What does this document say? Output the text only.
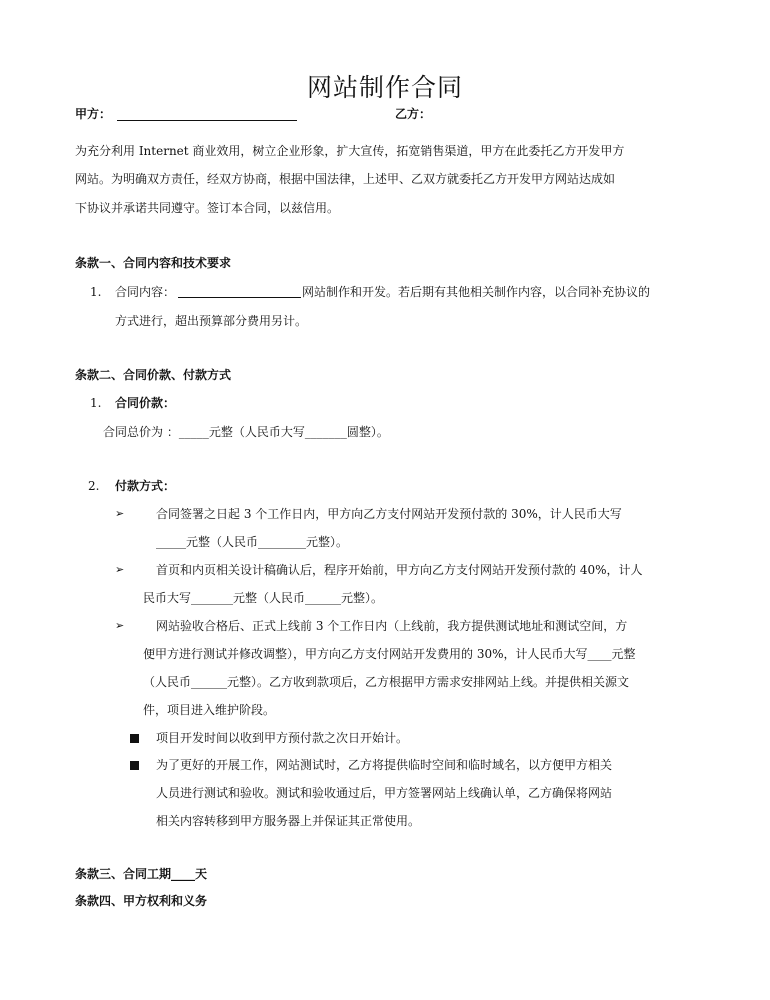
网站制作合同
甲方：	乙方：
为充分利用 Internet 商业效用，树立企业形象，扩大宣传，拓宽销售渠道，甲方在此委托乙方开发甲方
网站。为明确双方责任，经双方协商，根据中国法律，上述甲、乙双方就委托乙方开发甲方网站达成如
下协议并承诺共同遵守。签订本合同，以兹信用。
条款一、合同内容和技术要求
1. 合同内容：	网站制作和开发。若后期有其他相关制作内容，以合同补充协议的
方式进行，超出预算部分费用另计。
条款二、合同价款、付款方式
1. 合同价款：
合同总价为 ：_____元整（人民币大写_______圆整）。
2. 付款方式：
➢	合同签署之日起 3 个工作日内，甲方向乙方支付网站开发预付款的 30%，计人民币大写
_____元整（人民币________元整）。
➢	首页和内页相关设计稿确认后，程序开始前，甲方向乙方支付网站开发预付款的 40%，计人
民币大写_______元整（人民币______元整）。
➢	网站验收合格后、正式上线前 3 个工作日内（上线前，我方提供测试地址和测试空间，方
便甲方进行测试并修改调整），甲方向乙方支付网站开发费用的 30%，计人民币大写____元整
（人民币______元整）。乙方收到款项后，乙方根据甲方需求安排网站上线。并提供相关源文
件，项目进入维护阶段。
项目开发时间以收到甲方预付款之次日开始计。
为了更好的开展工作，网站测试时，乙方将提供临时空间和临时域名，以方便甲方相关
人员进行测试和验收。测试和验收通过后，甲方签署网站上线确认单，乙方确保将网站
相关内容转移到甲方服务器上并保证其正常使用。
条款三、合同工期____天
条款四、甲方权利和义务
